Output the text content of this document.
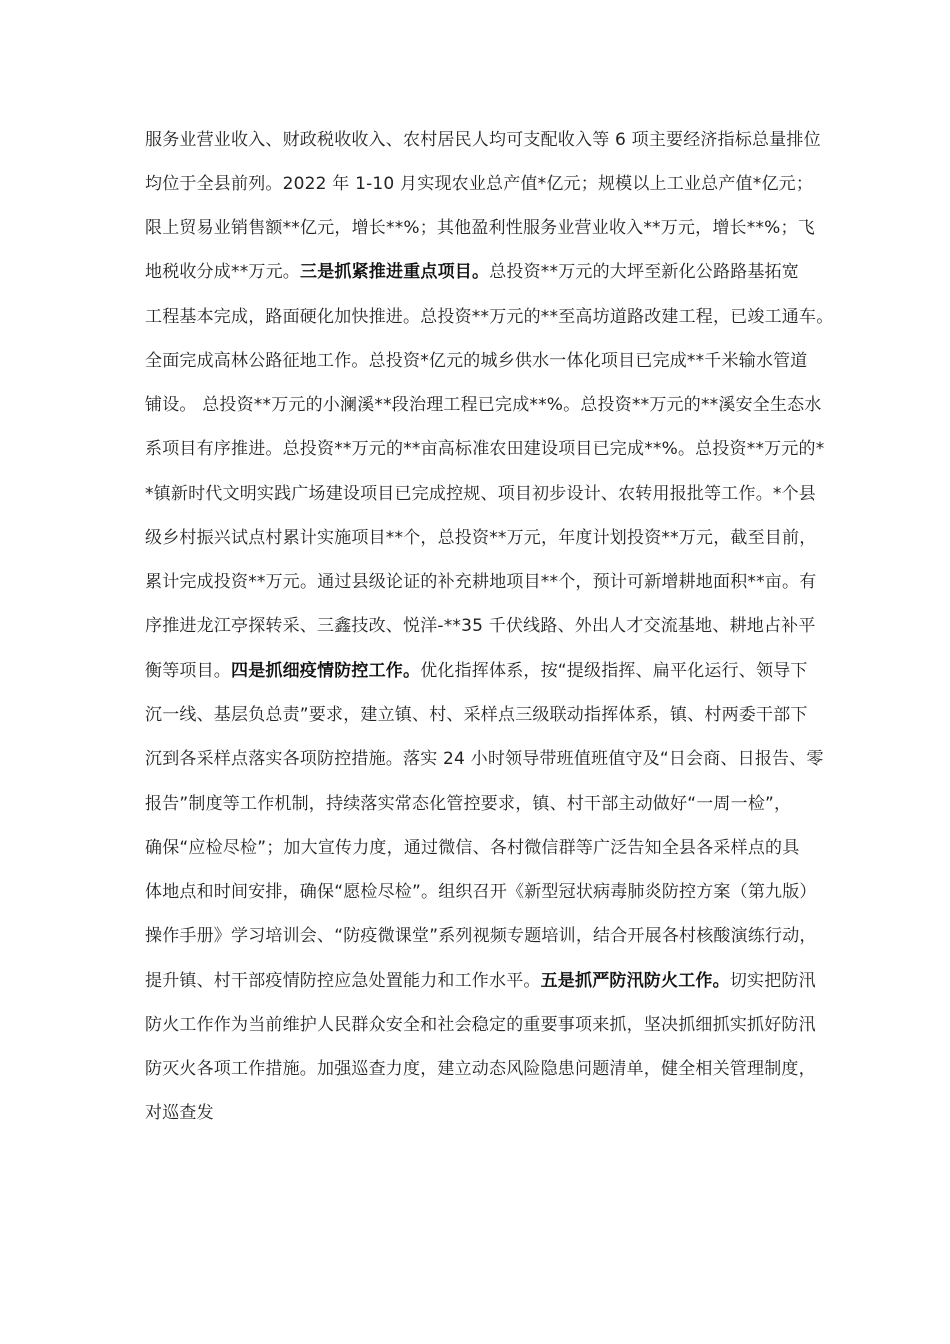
服务业营业收入、财政税收收入、农村居民人均可支配收入等 6 项主要经济指标总量排位
均位于全县前列。2022 年 1-10 月实现农业总产值*亿元；规模以上工业总产值*亿元；
限上贸易业销售额**亿元，增长**%；其他盈利性服务业营业收入**万元，增长**%；飞
地税收分成**万元。三是抓紧推进重点项目。总投资**万元的大坪至新化公路路基拓宽
工程基本完成，路面硬化加快推进。总投资**万元的**至高坊道路改建工程，已竣工通车。
全面完成高林公路征地工作。总投资*亿元的城乡供水一体化项目已完成**千米输水管道
铺设。 总投资**万元的小澜溪**段治理工程已完成**%。总投资**万元的**溪安全生态水
系项目有序推进。总投资**万元的**亩高标准农田建设项目已完成**%。总投资**万元的*
*镇新时代文明实践广场建设项目已完成控规、项目初步设计、农转用报批等工作。*个县
级乡村振兴试点村累计实施项目**个，总投资**万元，年度计划投资**万元，截至目前，
累计完成投资**万元。通过县级论证的补充耕地项目**个，预计可新增耕地面积**亩。有
序推进龙江亭探转采、三鑫技改、悦洋-**35 千伏线路、外出人才交流基地、耕地占补平
衡等项目。四是抓细疫情防控工作。优化指挥体系，按“提级指挥、扁平化运行、领导下
沉一线、基层负总责”要求，建立镇、村、采样点三级联动指挥体系，镇、村两委干部下
沉到各采样点落实各项防控措施。落实 24 小时领导带班值班值守及“日会商、日报告、零
报告”制度等工作机制，持续落实常态化管控要求，镇、村干部主动做好“一周一检”，
确保“应检尽检”；加大宣传力度，通过微信、各村微信群等广泛告知全县各采样点的具
体地点和时间安排，确保“愿检尽检”。组织召开《新型冠状病毒肺炎防控方案（第九版）
操作手册》学习培训会、“防疫微课堂”系列视频专题培训，结合开展各村核酸演练行动，
提升镇、村干部疫情防控应急处置能力和工作水平。五是抓严防汛防火工作。切实把防汛
防火工作作为当前维护人民群众安全和社会稳定的重要事项来抓，坚决抓细抓实抓好防汛
防灭火各项工作措施。加强巡查力度，建立动态风险隐患问题清单，健全相关管理制度，
对巡查发
